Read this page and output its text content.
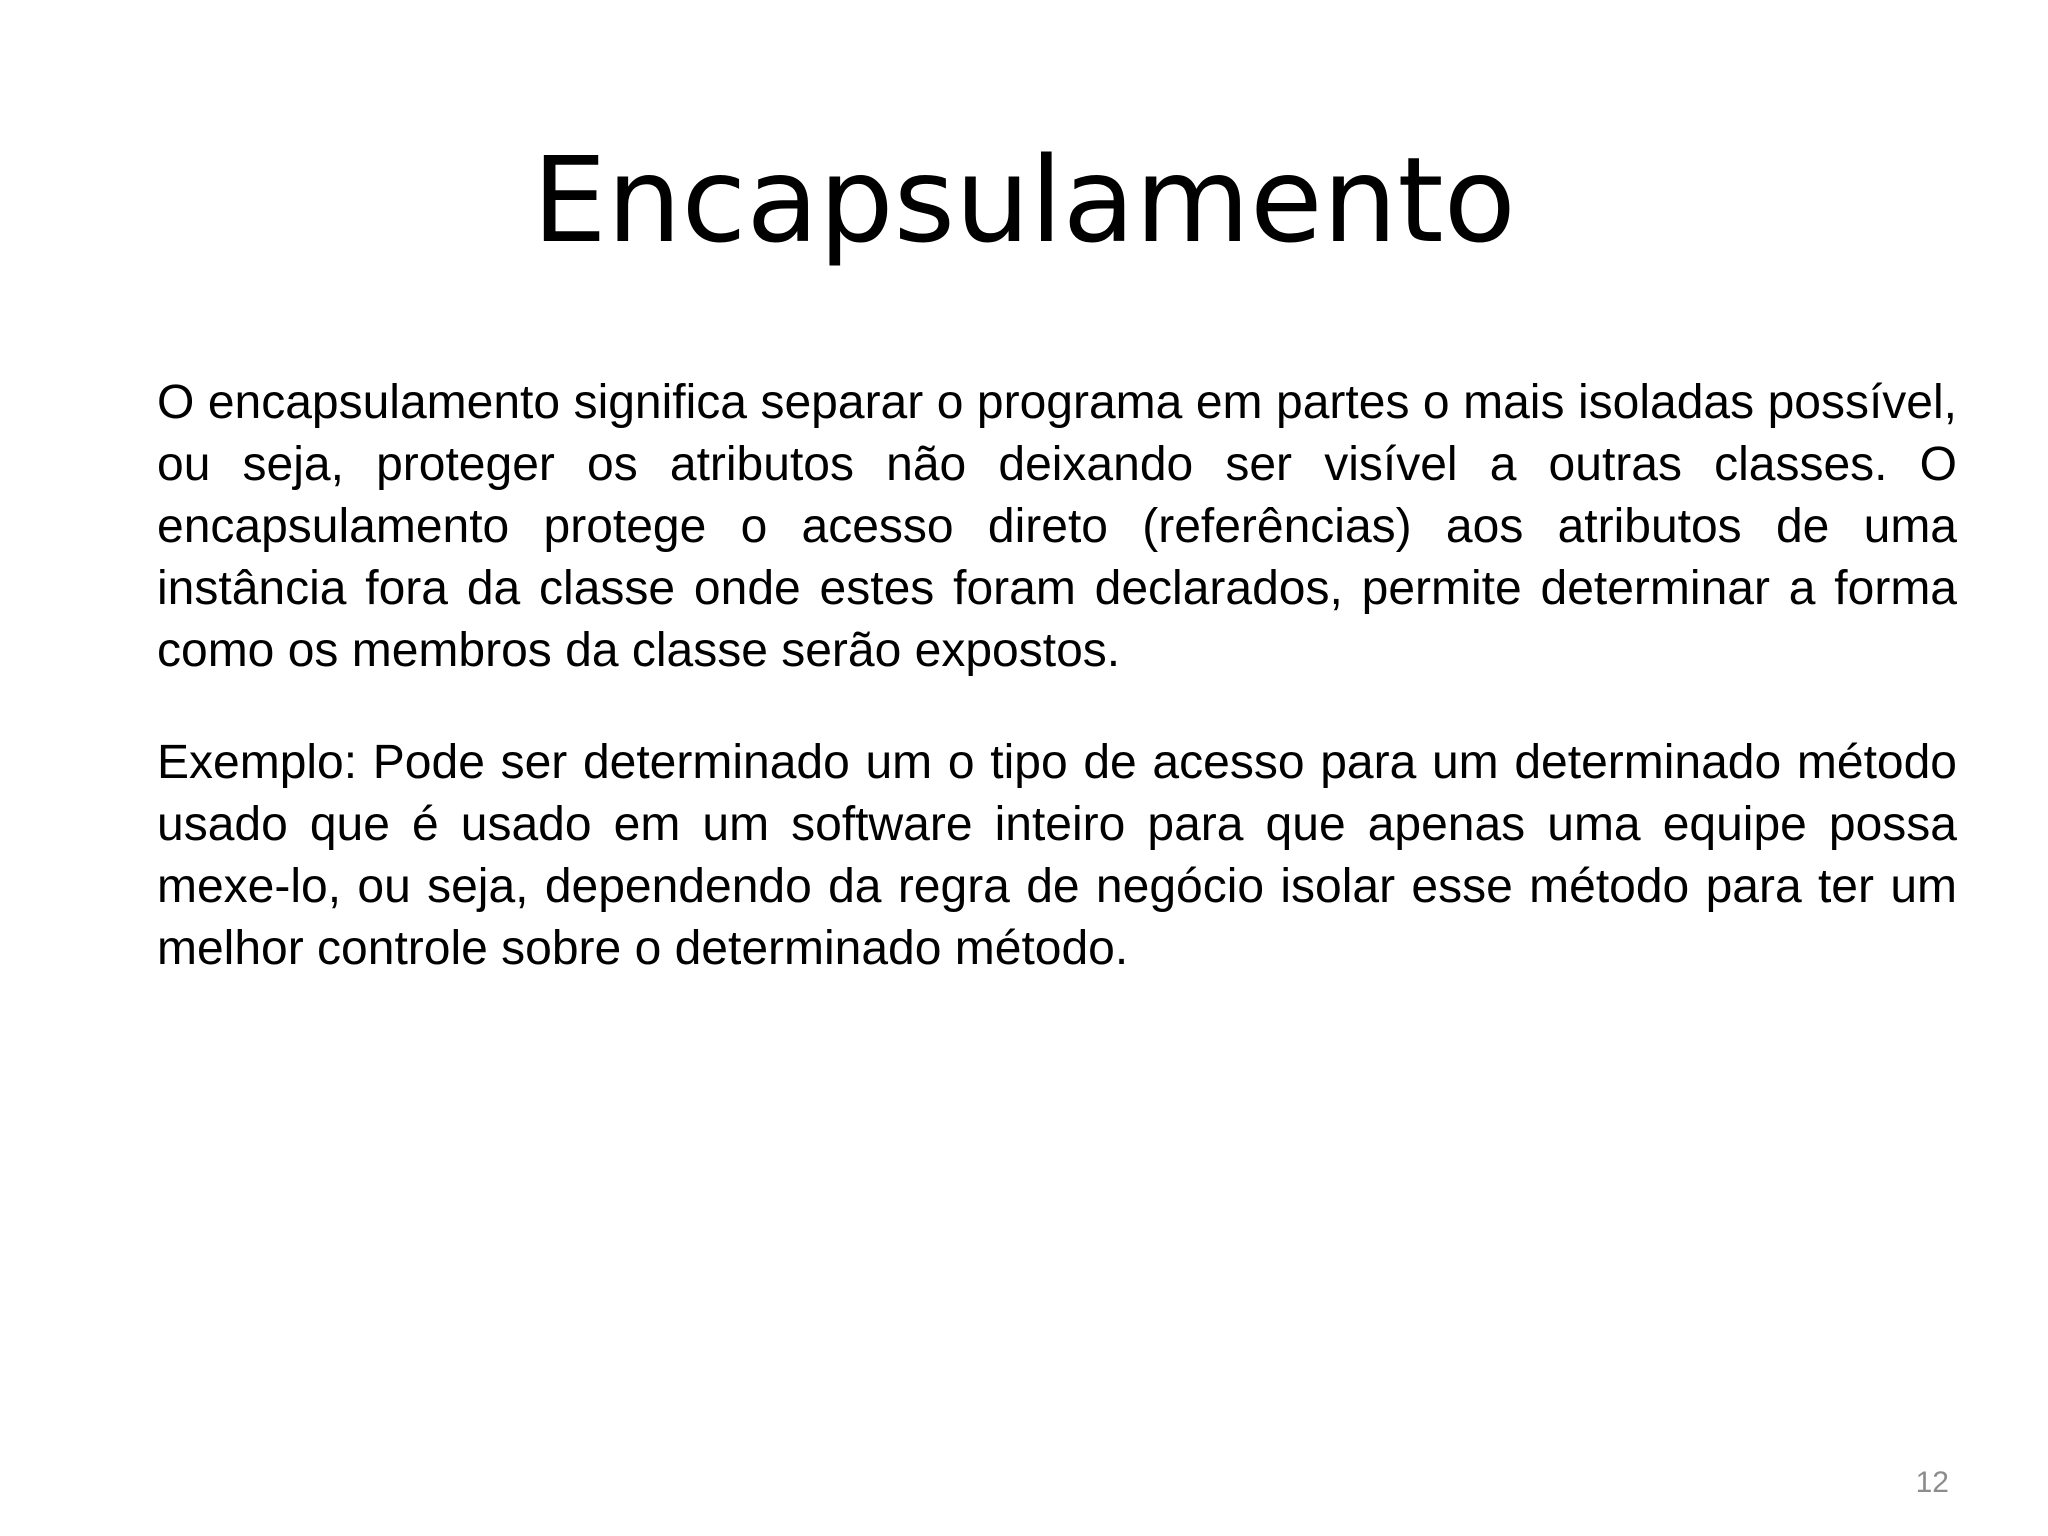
Encapsulamento

O encapsulamento significa separar o programa em partes o mais isoladas possível, ou seja, proteger os atributos não deixando ser visível a outras classes. O encapsulamento protege o acesso direto (referências) aos atributos de uma instância fora da classe onde estes foram declarados, permite determinar a forma como os membros da classe serão expostos.

Exemplo: Pode ser determinado um o tipo de acesso para um determinado método usado que é usado em um software inteiro para que apenas uma equipe possa mexe-lo, ou seja, dependendo da regra de negócio isolar esse método para ter um melhor controle sobre o determinado método.

12
